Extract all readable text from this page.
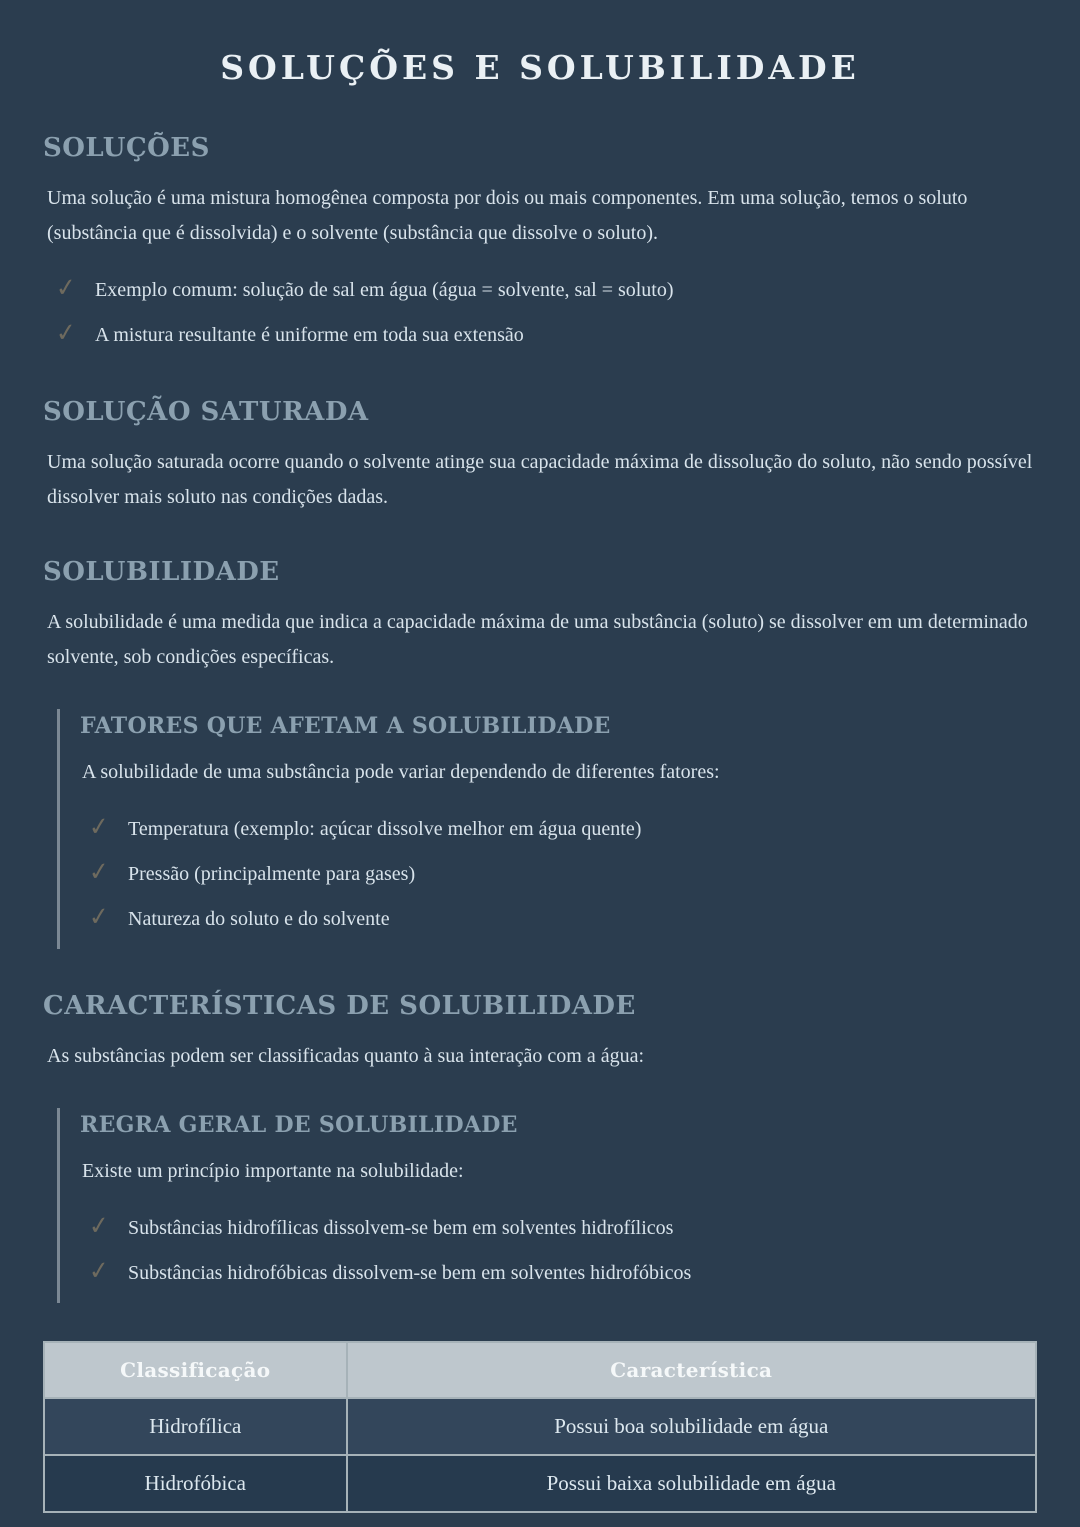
SOLUÇÕES E SOLUBILIDADE
SOLUÇÕES

Uma solução é uma mistura homogênea composta por dois ou mais componentes. Em uma solução, temos o soluto (substância que é dissolvida) e o solvente (substância que dissolve o soluto).

✓ Exemplo comum: solução de sal em água (água = solvente, sal = soluto)
✓ A mistura resultante é uniforme em toda sua extensão
SOLUÇÃO SATURADA

Uma solução saturada ocorre quando o solvente atinge sua capacidade máxima de dissolução do soluto, não sendo possível dissolver mais soluto nas condições dadas.

SOLUBILIDADE

A solubilidade é uma medida que indica a capacidade máxima de uma substância (soluto) se dissolver em um determinado solvente, sob condições específicas.

FATORES QUE AFETAM A SOLUBILIDADE

A solubilidade de uma substância pode variar dependendo de diferentes fatores:

✓ Temperatura (exemplo: açúcar dissolve melhor em água quente)
✓ Pressão (principalmente para gases)
✓ Natureza do soluto e do solvente
CARACTERÍSTICAS DE SOLUBILIDADE

As substâncias podem ser classificadas quanto à sua interação com a água:

REGRA GERAL DE SOLUBILIDADE

Existe um princípio importante na solubilidade:

✓ Substâncias hidrofílicas dissolvem-se bem em solventes hidrofílicos
✓ Substâncias hidrofóbicas dissolvem-se bem em solventes hidrofóbicos
Classificação	Característica
Hidrofílica	Possui boa solubilidade em água
Hidrofóbica	Possui baixa solubilidade em água
